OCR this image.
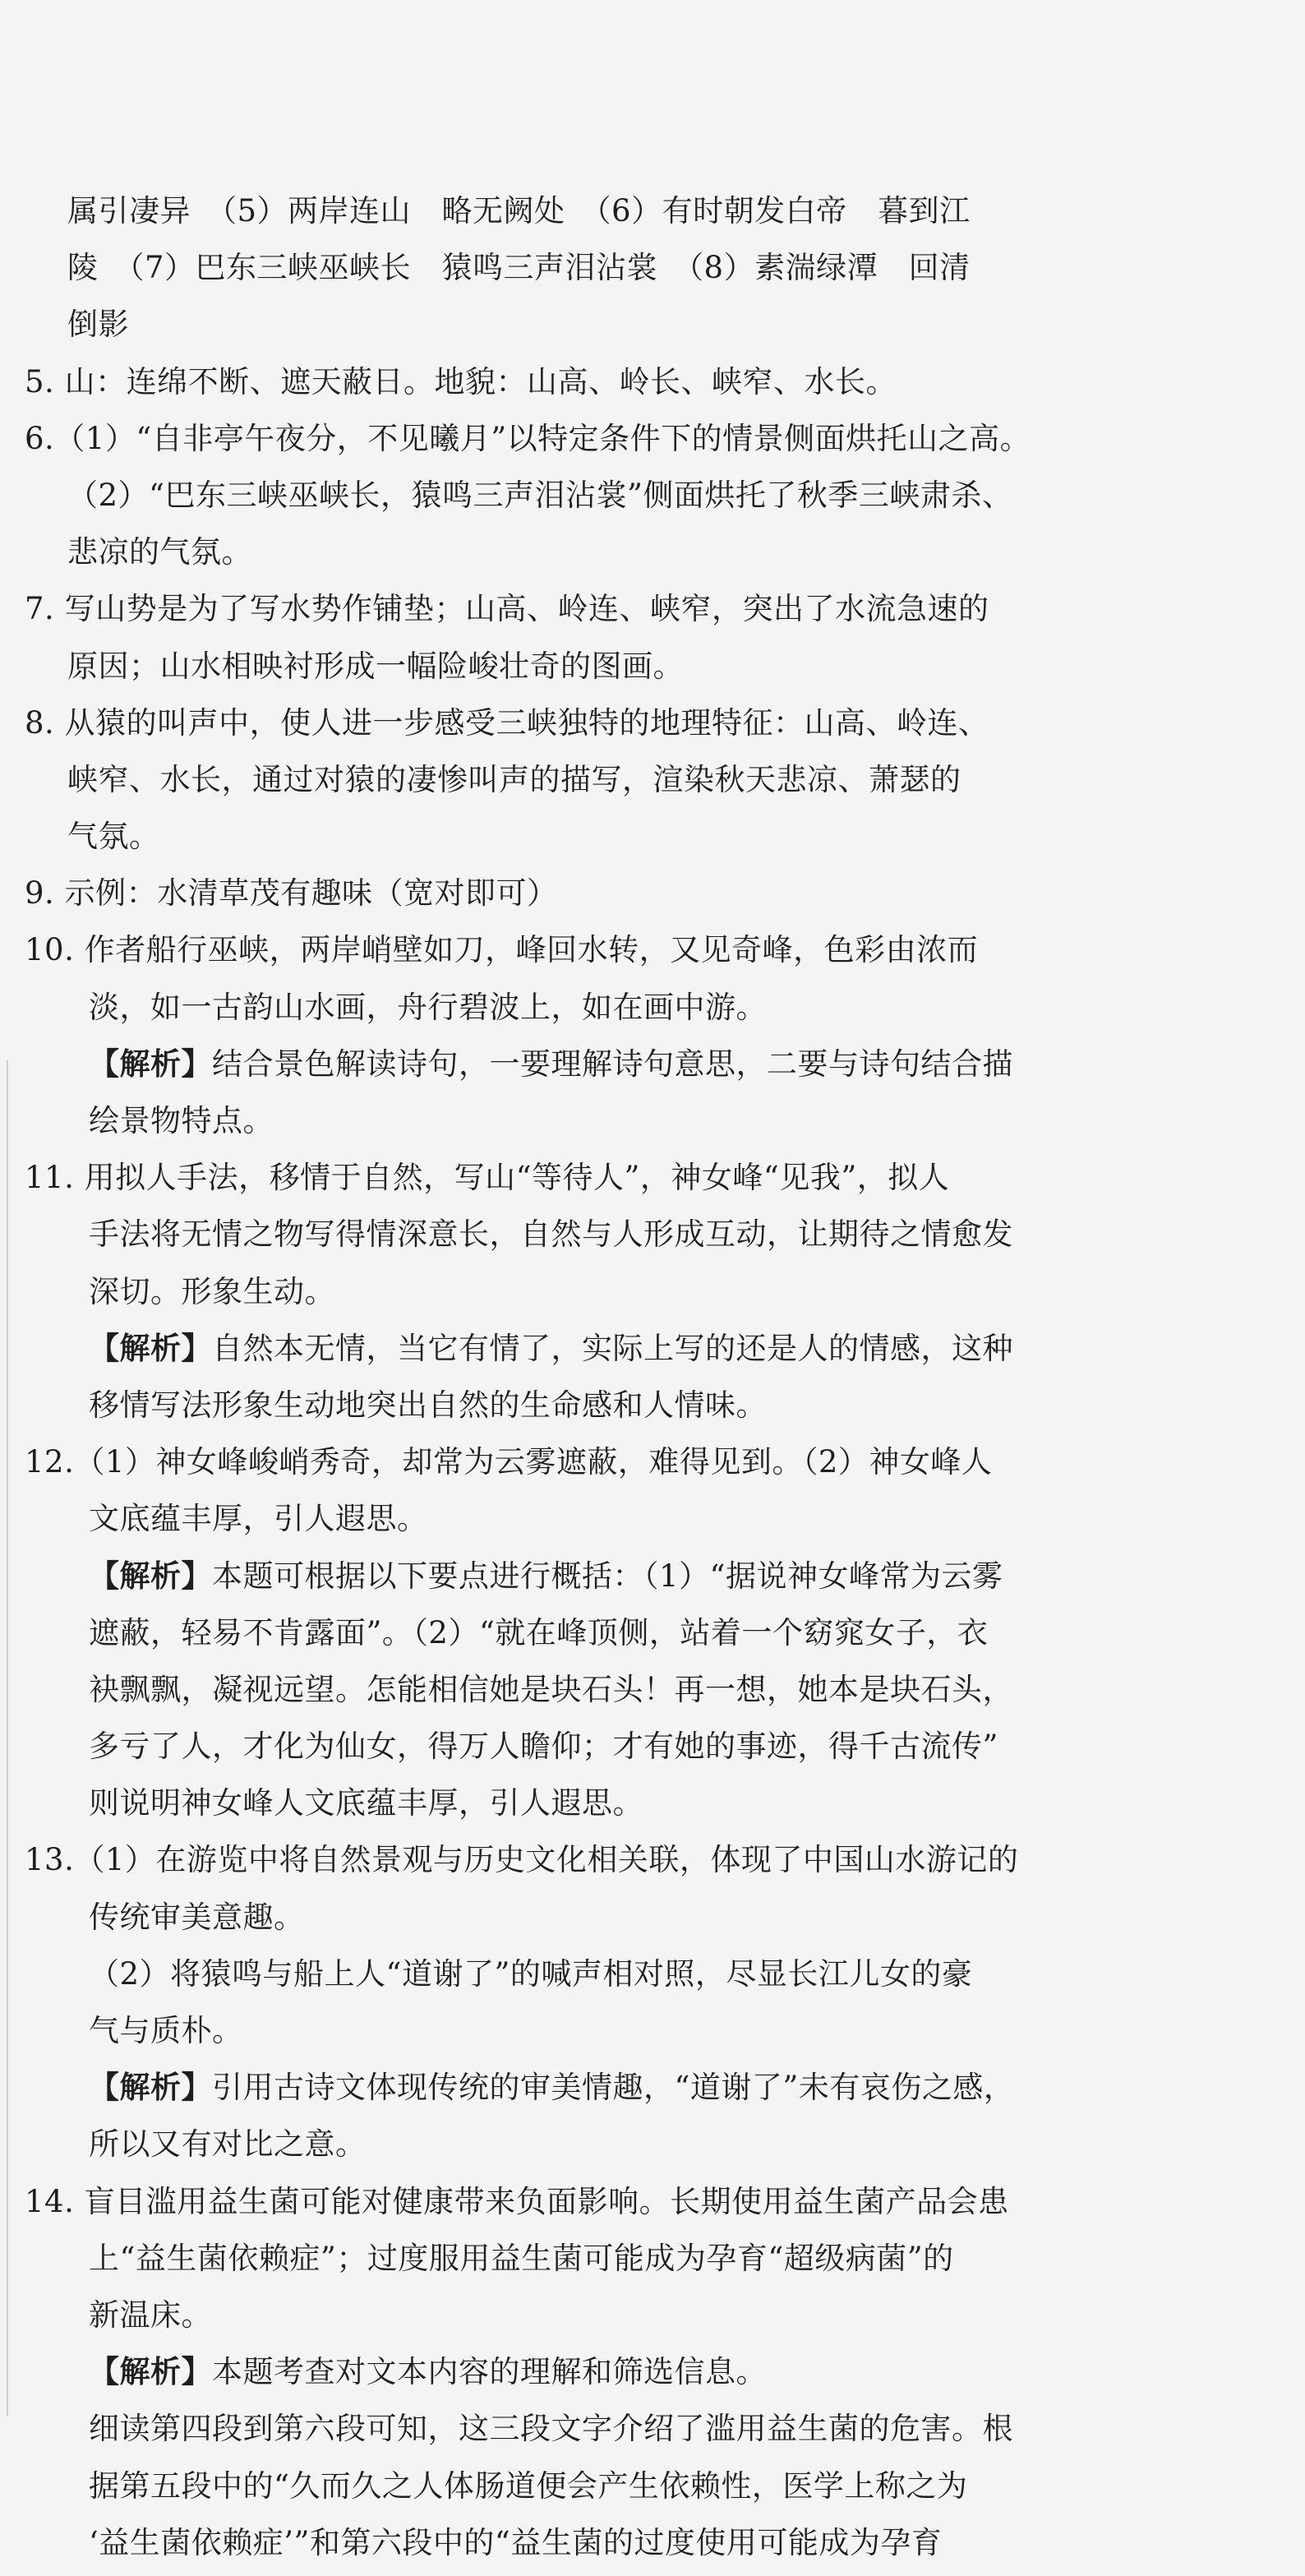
属引凄异　（5）两岸连山　略无阙处　（6）有时朝发白帝　暮到江
陵　（7）巴东三峡巫峡长　猿鸣三声泪沾裳　（8）素湍绿潭　回清
倒影
5. 山：连绵不断、遮天蔽日。地貌：山高、岭长、峡窄、水长。
6.（1）“自非亭午夜分，不见曦月”以特定条件下的情景侧面烘托山之高。
（2）“巴东三峡巫峡长，猿鸣三声泪沾裳”侧面烘托了秋季三峡肃杀、
悲凉的气氛。
7. 写山势是为了写水势作铺垫；山高、岭连、峡窄，突出了水流急速的
原因；山水相映衬形成一幅险峻壮奇的图画。
8. 从猿的叫声中，使人进一步感受三峡独特的地理特征：山高、岭连、
峡窄、水长，通过对猿的凄惨叫声的描写，渲染秋天悲凉、萧瑟的
气氛。
9. 示例：水清草茂有趣味（宽对即可）
10. 作者船行巫峡，两岸峭壁如刀，峰回水转，又见奇峰，色彩由浓而
淡，如一古韵山水画，舟行碧波上，如在画中游。
【解析】结合景色解读诗句，一要理解诗句意思，二要与诗句结合描
绘景物特点。
11. 用拟人手法，移情于自然，写山“等待人”，神女峰“见我”，拟人
手法将无情之物写得情深意长，自然与人形成互动，让期待之情愈发
深切。形象生动。
【解析】自然本无情，当它有情了，实际上写的还是人的情感，这种
移情写法形象生动地突出自然的生命感和人情味。
12.（1）神女峰峻峭秀奇，却常为云雾遮蔽，难得见到。（2）神女峰人
文底蕴丰厚，引人遐思。
【解析】本题可根据以下要点进行概括：（1）“据说神女峰常为云雾
遮蔽，轻易不肯露面”。（2）“就在峰顶侧，站着一个窈窕女子，衣
袂飘飘，凝视远望。怎能相信她是块石头！再一想，她本是块石头，
多亏了人，才化为仙女，得万人瞻仰；才有她的事迹，得千古流传”
则说明神女峰人文底蕴丰厚，引人遐思。
13.（1）在游览中将自然景观与历史文化相关联，体现了中国山水游记的
传统审美意趣。
（2）将猿鸣与船上人“道谢了”的喊声相对照，尽显长江儿女的豪
气与质朴。
【解析】引用古诗文体现传统的审美情趣，“道谢了”未有哀伤之感，
所以又有对比之意。
14. 盲目滥用益生菌可能对健康带来负面影响。长期使用益生菌产品会患
上“益生菌依赖症”；过度服用益生菌可能成为孕育“超级病菌”的
新温床。
【解析】本题考查对文本内容的理解和筛选信息。
细读第四段到第六段可知，这三段文字介绍了滥用益生菌的危害。根
据第五段中的“久而久之人体肠道便会产生依赖性，医学上称之为
‘益生菌依赖症’”和第六段中的“益生菌的过度使用可能成为孕育
